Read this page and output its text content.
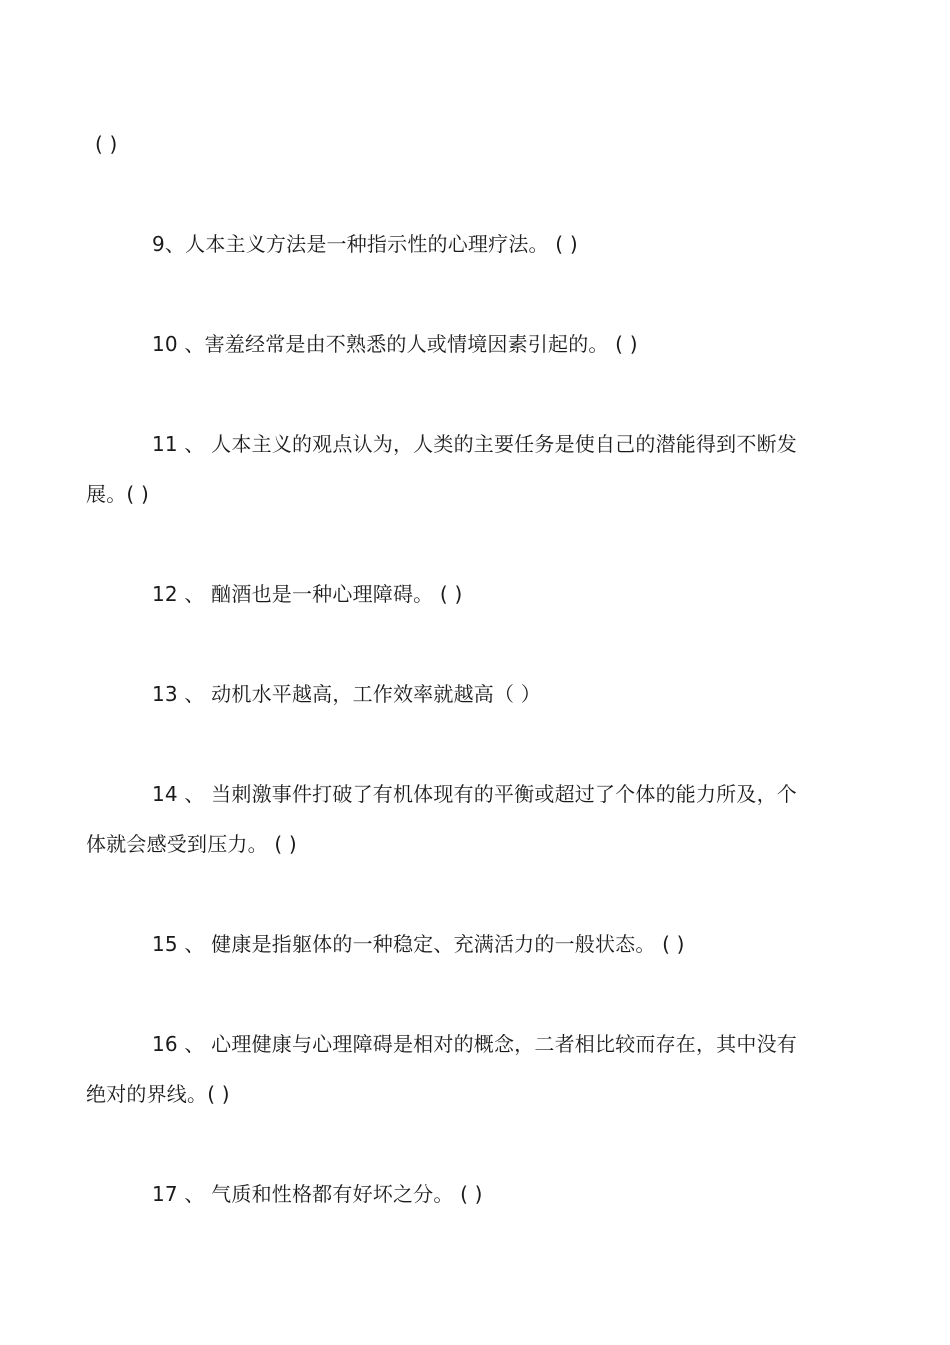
( )
9、人本主义方法是一种指示性的心理疗法。 ( )
10 、害羞经常是由不熟悉的人或情境因素引起的。 ( )
11 、 人本主义的观点认为，人类的主要任务是使自己的潜能得到不断发
展。( )
12 、 酗酒也是一种心理障碍。 ( )
13 、 动机水平越高，工作效率就越高（ ）
14 、 当刺激事件打破了有机体现有的平衡或超过了个体的能力所及，个
体就会感受到压力。 ( )
15 、 健康是指躯体的一种稳定、充满活力的一般状态。 ( )
16 、 心理健康与心理障碍是相对的概念，二者相比较而存在，其中没有
绝对的界线。( )
17 、 气质和性格都有好坏之分。 ( )
